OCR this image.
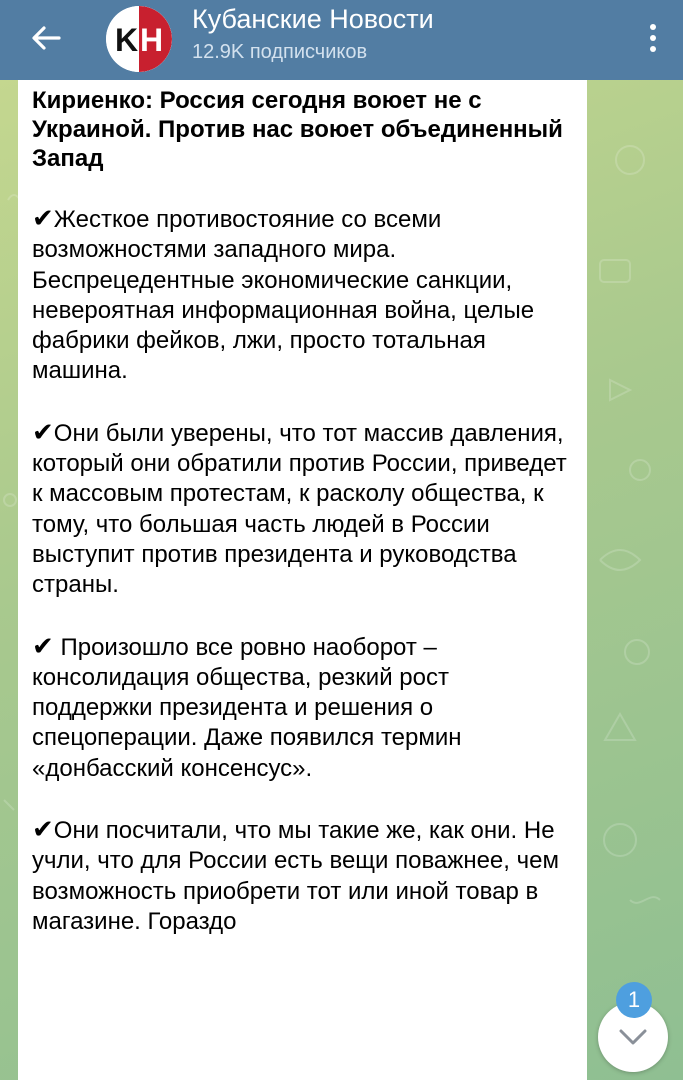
K H
Кубанские Новости
12.9K подписчиков
Кириенко: Россия сегодня воюет не с Украиной. Против нас воюет объединенный Запад
✔Жесткое противостояние со всеми возможностями западного мира. Беспрецедентные экономические санкции, невероятная информационная война, целые фабрики фейков, лжи, просто тотальная машина.
✔Они были уверены, что тот массив давления, который они обратили против России, приведет к массовым протестам, к расколу общества, к тому, что большая часть людей в России выступит против президента и руководства страны.
✔ Произошло все ровно наоборот – консолидация общества, резкий рост поддержки президента и решения о спецоперации. Даже появился термин «донбасский консенсус».
✔Они посчитали, что мы такие же, как они. Не учли, что для России есть вещи поважнее, чем возможность приобрети тот или иной товар в магазине. Гораздо
1
